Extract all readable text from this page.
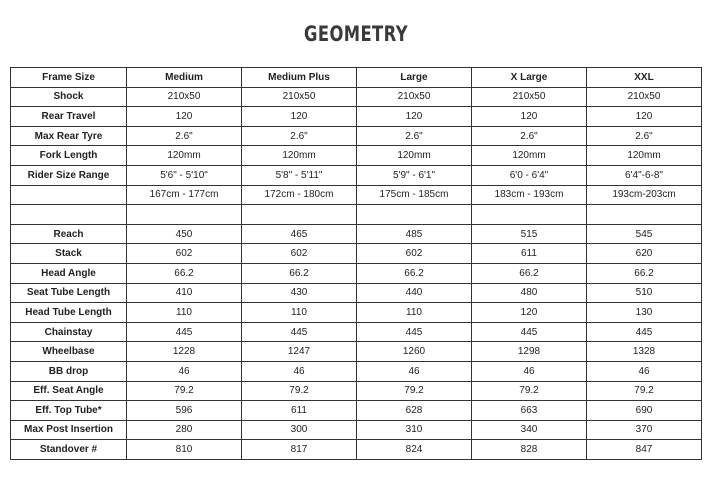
GEOMETRY
Frame Size	Medium	Medium Plus	Large	X Large	XXL
Shock	210x50	210x50	210x50	210x50	210x50
Rear Travel	120	120	120	120	120
Max Rear Tyre	2.6"	2.6"	2.6"	2.6"	2.6"
Fork Length	120mm	120mm	120mm	120mm	120mm
Rider Size Range	5'6" - 5'10"	5'8" - 5'11"	5'9" - 6'1"	6'0 - 6'4"	6'4"-6-8"
	167cm - 177cm	172cm - 180cm	175cm - 185cm	183cm - 193cm	193cm-203cm

Reach	450	465	485	515	545
Stack	602	602	602	611	620
Head Angle	66.2	66.2	66.2	66.2	66.2
Seat Tube Length	410	430	440	480	510
Head Tube Length	110	110	110	120	130
Chainstay	445	445	445	445	445
Wheelbase	1228	1247	1260	1298	1328
BB drop	46	46	46	46	46
Eff. Seat Angle	79.2	79.2	79.2	79.2	79.2
Eff. Top Tube*	596	611	628	663	690
Max Post Insertion	280	300	310	340	370
Standover #	810	817	824	828	847
